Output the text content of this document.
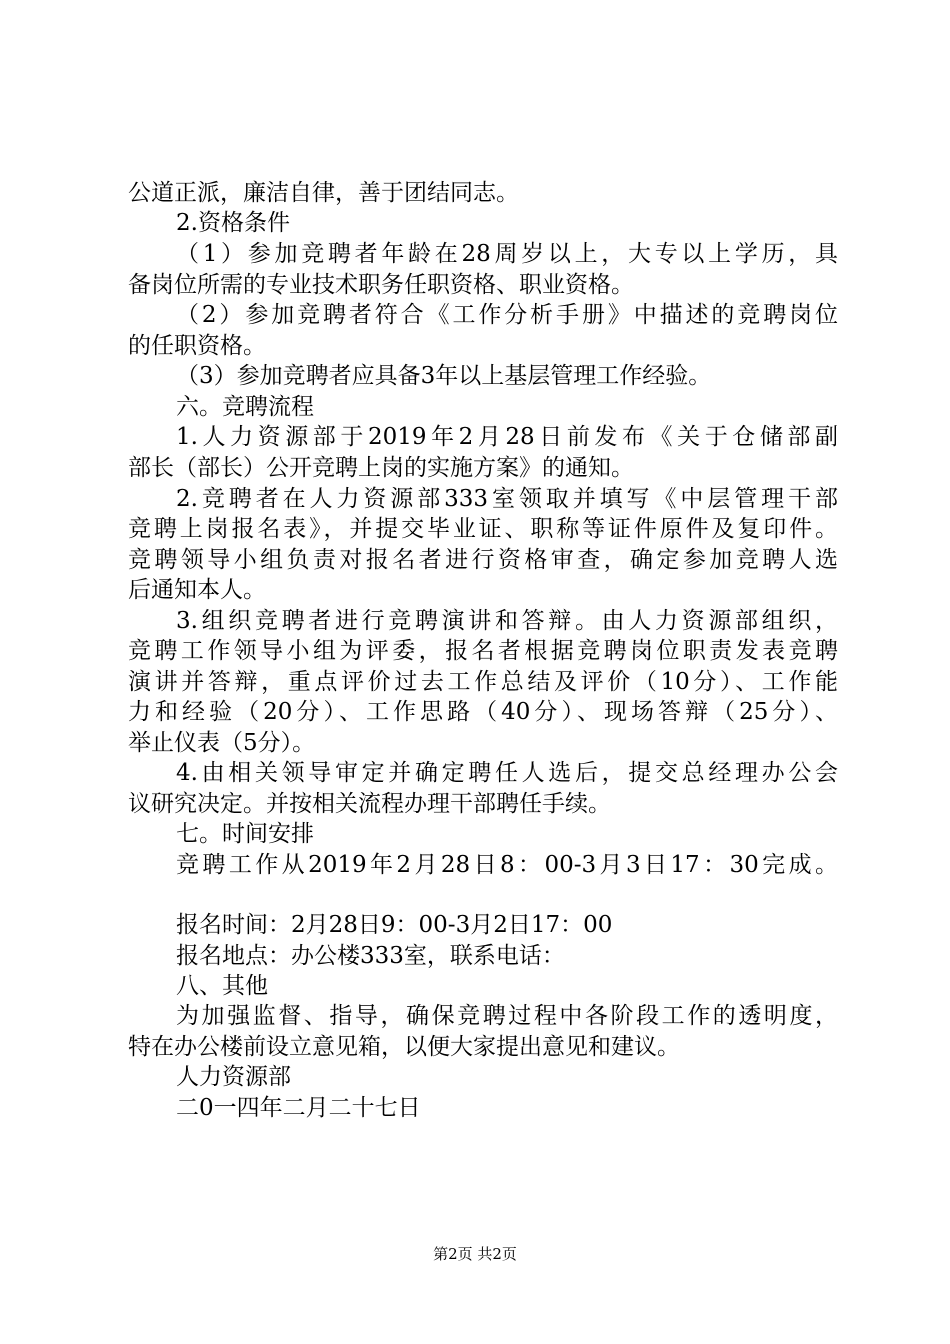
公道正派，廉洁自律，善于团结同志。
2.资格条件
（1）参加竞聘者年龄在28周岁以上，大专以上学历，具
备岗位所需的专业技术职务任职资格、职业资格。
（2）参加竞聘者符合《工作分析手册》中描述的竞聘岗位
的任职资格。
（3）参加竞聘者应具备3年以上基层管理工作经验。
六。竞聘流程
1.人力资源部于2019年2月28日前发布《关于仓储部副
部长（部长）公开竞聘上岗的实施方案》的通知。
2.竞聘者在人力资源部333室领取并填写《中层管理干部
竞聘上岗报名表》，并提交毕业证、职称等证件原件及复印件。
竞聘领导小组负责对报名者进行资格审查，确定参加竞聘人选
后通知本人。
3.组织竞聘者进行竞聘演讲和答辩。由人力资源部组织，
竞聘工作领导小组为评委，报名者根据竞聘岗位职责发表竞聘
演讲并答辩，重点评价过去工作总结及评价（10分）、工作能
力和经验（20分）、工作思路（40分）、现场答辩（25分）、
举止仪表（5分）。
4.由相关领导审定并确定聘任人选后，提交总经理办公会
议研究决定。并按相关流程办理干部聘任手续。
七。时间安排
竞聘工作从2019年2月28日8：00-3月3日17：30完成。
报名时间：2月28日9：00-3月2日17：00
报名地点：办公楼333室，联系电话：
八、其他
为加强监督、指导，确保竞聘过程中各阶段工作的透明度，
特在办公楼前设立意见箱，以便大家提出意见和建议。
人力资源部
二0一四年二月二十七日
第2页 共2页
